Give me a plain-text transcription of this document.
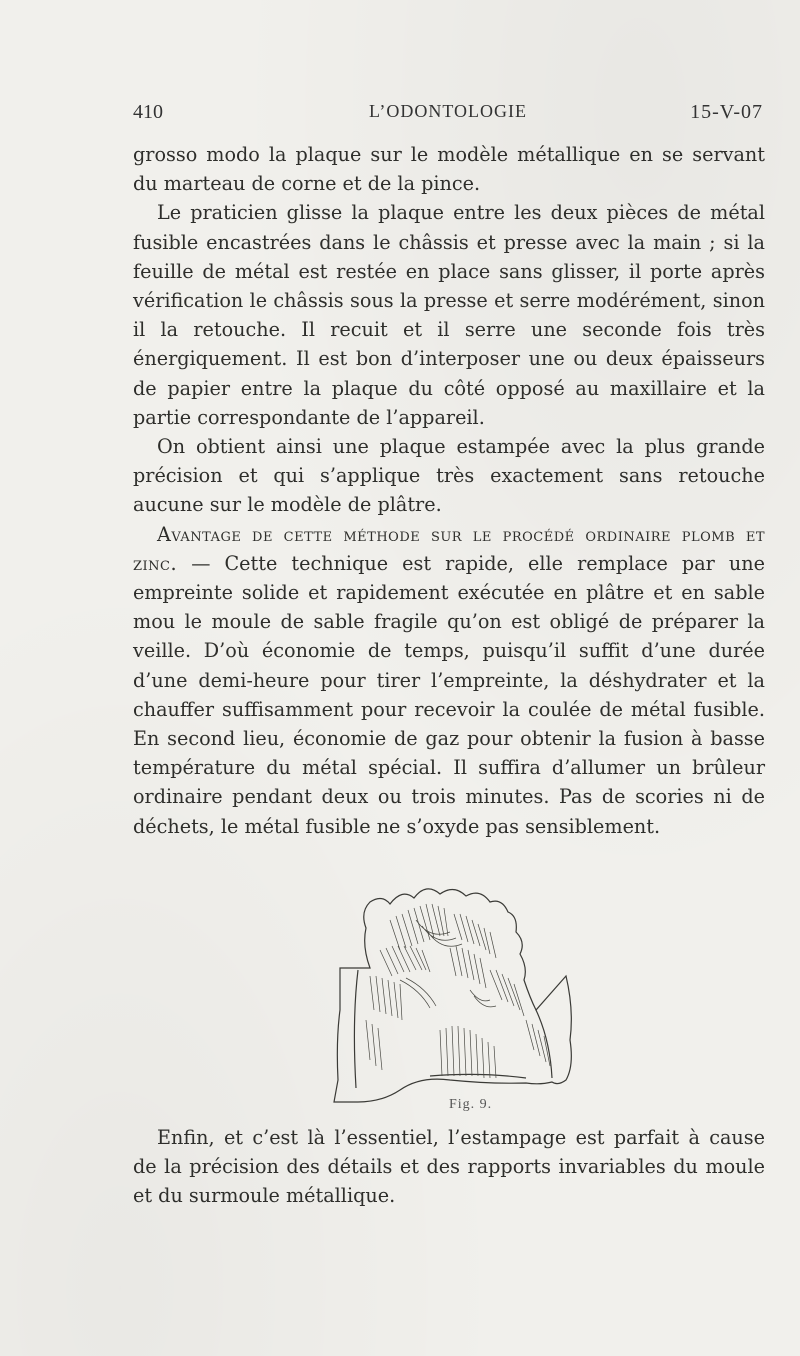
410	L’ODONTOLOGIE	15-V-07

grosso modo la plaque sur le modèle métallique en se servant du marteau de corne et de la pince.

Le praticien glisse la plaque entre les deux pièces de métal fusible encastrées dans le châssis et presse avec la main ; si la feuille de métal est restée en place sans glisser, il porte après vérification le châssis sous la presse et serre modérément, sinon il la retouche. Il recuit et il serre une seconde fois très énergiquement. Il est bon d’interposer une ou deux épaisseurs de papier entre la plaque du côté opposé au maxillaire et la partie correspondante de l’appareil.

On obtient ainsi une plaque estampée avec la plus grande précision et qui s’applique très exactement sans retouche aucune sur le modèle de plâtre.

Avantage de cette méthode sur le procédé ordinaire plomb et zinc. — Cette technique est rapide, elle remplace par une empreinte solide et rapidement exécutée en plâtre et en sable mou le moule de sable fragile qu’on est obligé de préparer la veille. D’où économie de temps, puisqu’il suffit d’une durée d’une demi-heure pour tirer l’empreinte, la déshydrater et la chauffer suffisamment pour recevoir la coulée de métal fusible. En second lieu, économie de gaz pour obtenir la fusion à basse température du métal spécial. Il suffira d’allumer un brûleur ordinaire pendant deux ou trois minutes. Pas de scories ni de déchets, le métal fusible ne s’oxyde pas sensiblement.

Fig. 9.

Enfin, et c’est là l’essentiel, l’estampage est parfait à cause de la précision des détails et des rapports invariables du moule et du surmoule métallique.
